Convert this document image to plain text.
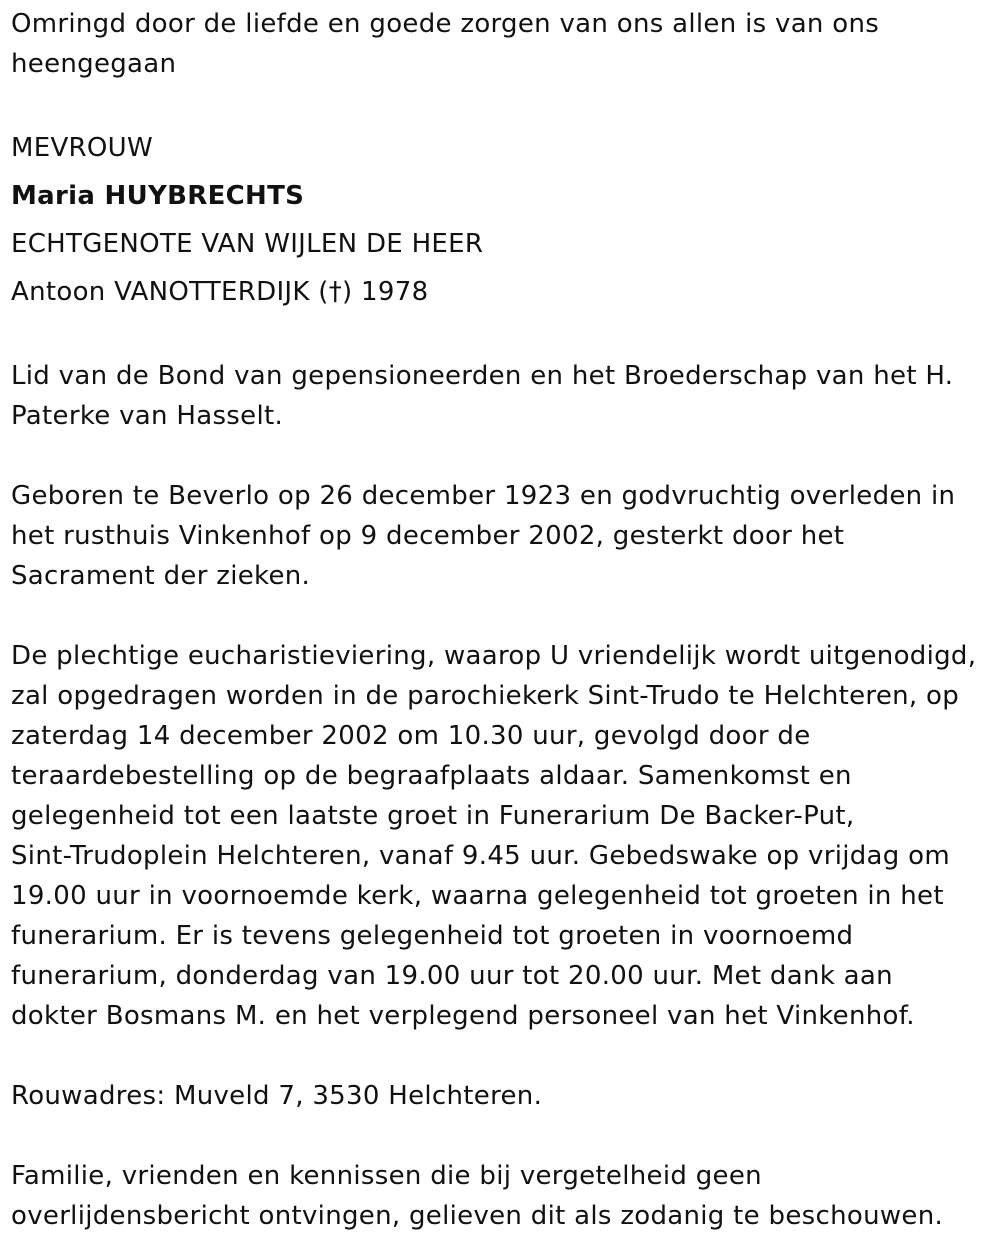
Omringd door de liefde en goede zorgen van ons allen is van ons
heengegaan

MEVROUW

Maria HUYBRECHTS

ECHTGENOTE VAN WIJLEN DE HEER

Antoon VANOTTERDIJK (†) 1978

Lid van de Bond van gepensioneerden en het Broederschap van het H.
Paterke van Hasselt.

Geboren te Beverlo op 26 december 1923 en godvruchtig overleden in
het rusthuis Vinkenhof op 9 december 2002, gesterkt door het
Sacrament der zieken.

De plechtige eucharistieviering, waarop U vriendelijk wordt uitgenodigd,
zal opgedragen worden in de parochiekerk Sint-Trudo te Helchteren, op
zaterdag 14 december 2002 om 10.30 uur, gevolgd door de
teraardebestelling op de begraafplaats aldaar. Samenkomst en
gelegenheid tot een laatste groet in Funerarium De Backer-Put,
Sint-Trudoplein Helchteren, vanaf 9.45 uur. Gebedswake op vrijdag om
19.00 uur in voornoemde kerk, waarna gelegenheid tot groeten in het
funerarium. Er is tevens gelegenheid tot groeten in voornoemd
funerarium, donderdag van 19.00 uur tot 20.00 uur. Met dank aan
dokter Bosmans M. en het verplegend personeel van het Vinkenhof.

Rouwadres: Muveld 7, 3530 Helchteren.

Familie, vrienden en kennissen die bij vergetelheid geen
overlijdensbericht ontvingen, gelieven dit als zodanig te beschouwen.
